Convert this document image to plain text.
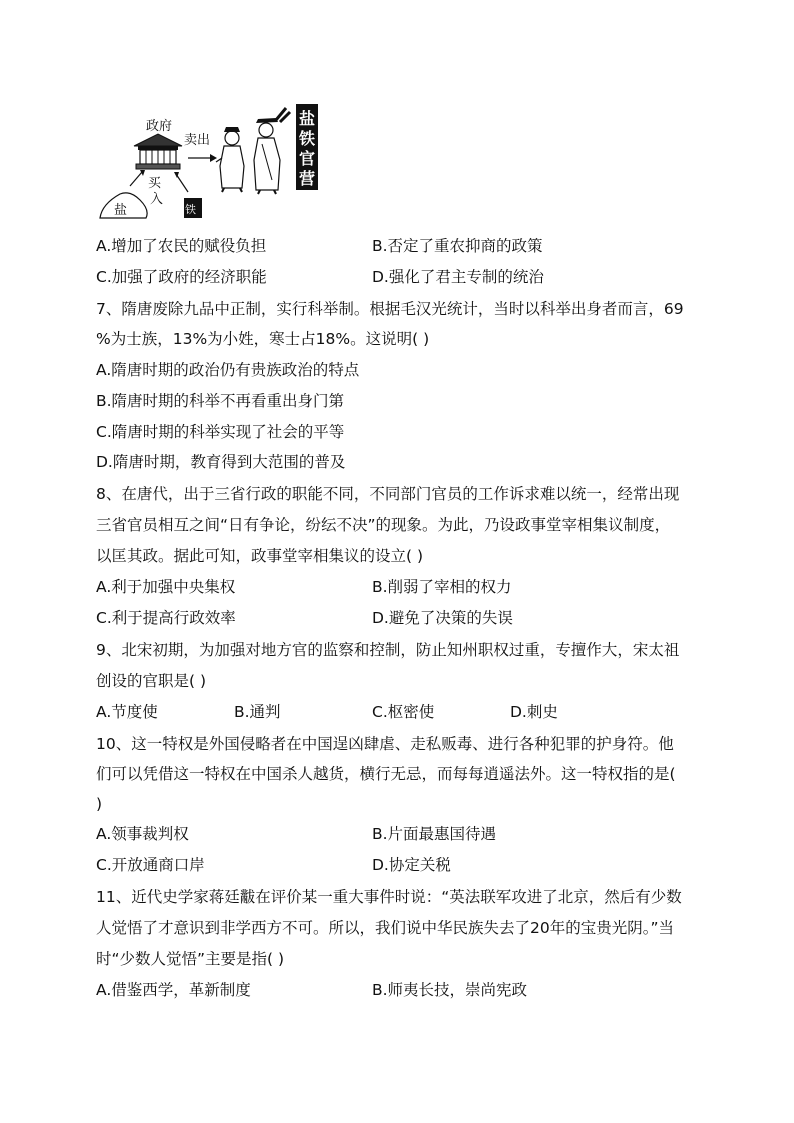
政府
卖出
买
入
盐	铁
盐
铁
官
营
A.增加了农民的赋役负担	B.否定了重农抑商的政策
C.加强了政府的经济职能	D.强化了君主专制的统治
7、隋唐废除九品中正制，实行科举制。根据毛汉光统计，当时以科举出身者而言，69
%为士族，13%为小姓，寒士占18%。这说明( )
A.隋唐时期的政治仍有贵族政治的特点
B.隋唐时期的科举不再看重出身门第
C.隋唐时期的科举实现了社会的平等
D.隋唐时期，教育得到大范围的普及
8、在唐代，出于三省行政的职能不同，不同部门官员的工作诉求难以统一，经常出现
三省官员相互之间“日有争论，纷纭不决”的现象。为此，乃设政事堂宰相集议制度，
以匡其政。据此可知，政事堂宰相集议的设立( )
A.利于加强中央集权	B.削弱了宰相的权力
C.利于提高行政效率	D.避免了决策的失误
9、北宋初期，为加强对地方官的监察和控制，防止知州职权过重，专擅作大，宋太祖
创设的官职是( )
A.节度使	B.通判	C.枢密使	D.刺史
10、这一特权是外国侵略者在中国逞凶肆虐、走私贩毒、进行各种犯罪的护身符。他
们可以凭借这一特权在中国杀人越货，横行无忌，而每每逍遥法外。这一特权指的是(
)
A.领事裁判权	B.片面最惠国待遇
C.开放通商口岸	D.协定关税
11、近代史学家蒋廷黻在评价某一重大事件时说：“英法联军攻进了北京，然后有少数
人觉悟了才意识到非学西方不可。所以，我们说中华民族失去了20年的宝贵光阴。”当
时“少数人觉悟”主要是指( )
A.借鉴西学，革新制度	B.师夷长技，崇尚宪政
